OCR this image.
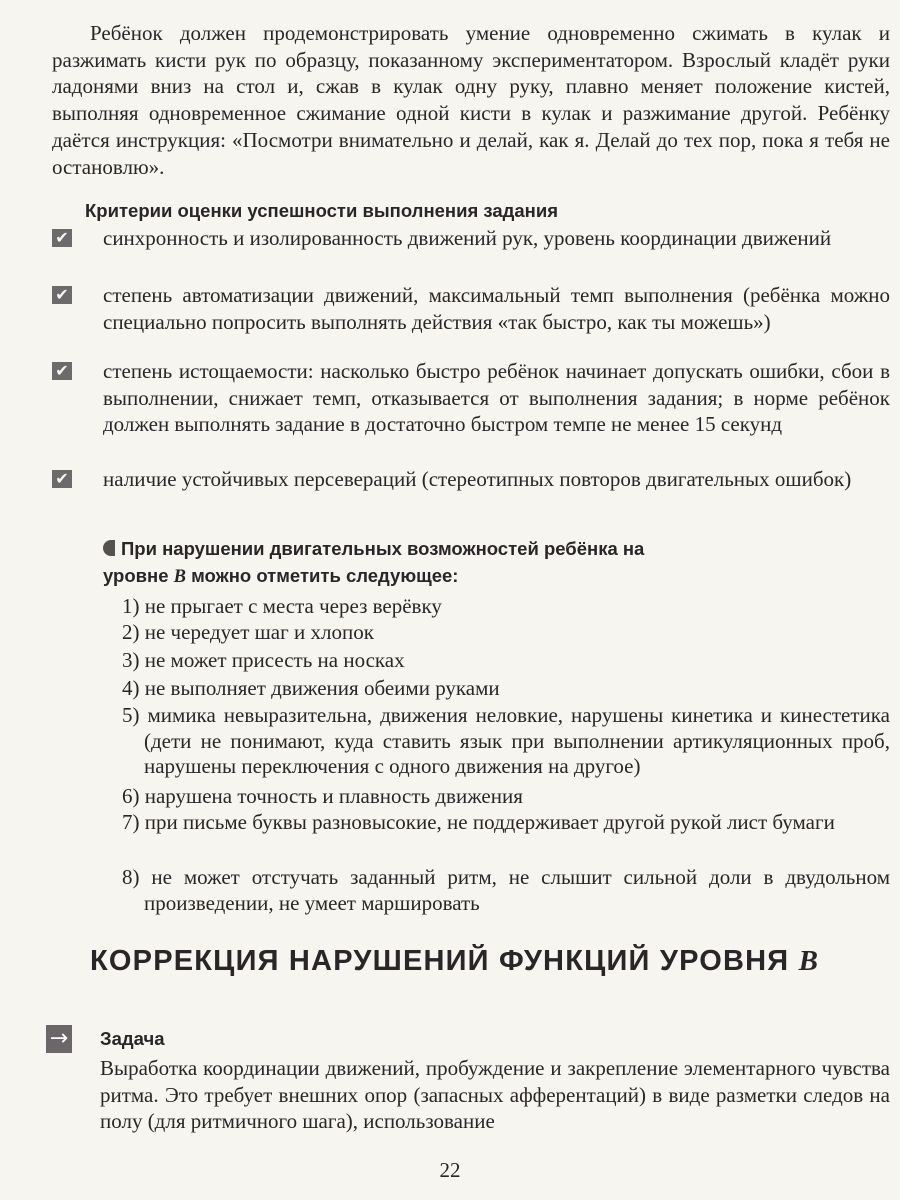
Ребёнок должен продемонстрировать умение одновременно сжимать в кулак и разжимать кисти рук по образцу, показанному экспериментатором. Взрослый кладёт руки ладонями вниз на стол и, сжав в кулак одну руку, плавно меняет положение кистей, выполняя одновременное сжимание одной кисти в кулак и разжимание другой. Ребёнку даётся инструкция: «Посмотри внимательно и делай, как я. Делай до тех пор, пока я тебя не остановлю».

Критерии оценки успешности выполнения задания
✔ синхронность и изолированность движений рук, уровень координации движений

✔ степень автоматизации движений, максимальный темп выполнения (ребёнка можно специально попросить выполнять действия «так быстро, как ты можешь»)

✔ степень истощаемости: насколько быстро ребёнок начинает допускать ошибки, сбои в выполнении, снижает темп, отказывается от выполнения задания; в норме ребёнок должен выполнять задание в достаточно быстром темпе не менее 15 секунд

✔ наличие устойчивых персевераций (стереотипных повторов двигательных ошибок)

При нарушении двигательных возможностей ребёнка на уровне В можно отметить следующее:
1) не прыгает с места через верёвку
2) не чередует шаг и хлопок
3) не может присесть на носках
4) не выполняет движения обеими руками
5) мимика невыразительна, движения неловкие, нарушены кинетика и кинестетика (дети не понимают, куда ставить язык при выполнении артикуляционных проб, нарушены переключения с одного движения на другое)
6) нарушена точность и плавность движения
7) при письме буквы разновысокие, не поддерживает другой рукой лист бумаги
8) не может отстучать заданный ритм, не слышит сильной доли в двудольном произведении, не умеет маршировать
КОРРЕКЦИЯ НАРУШЕНИЙ ФУНКЦИЙ УРОВНЯ В
→ Задача

Выработка координации движений, пробуждение и закрепление элементарного чувства ритма. Это требует внешних опор (запасных афферентаций) в виде разметки следов на полу (для ритмичного шага), использование

22
